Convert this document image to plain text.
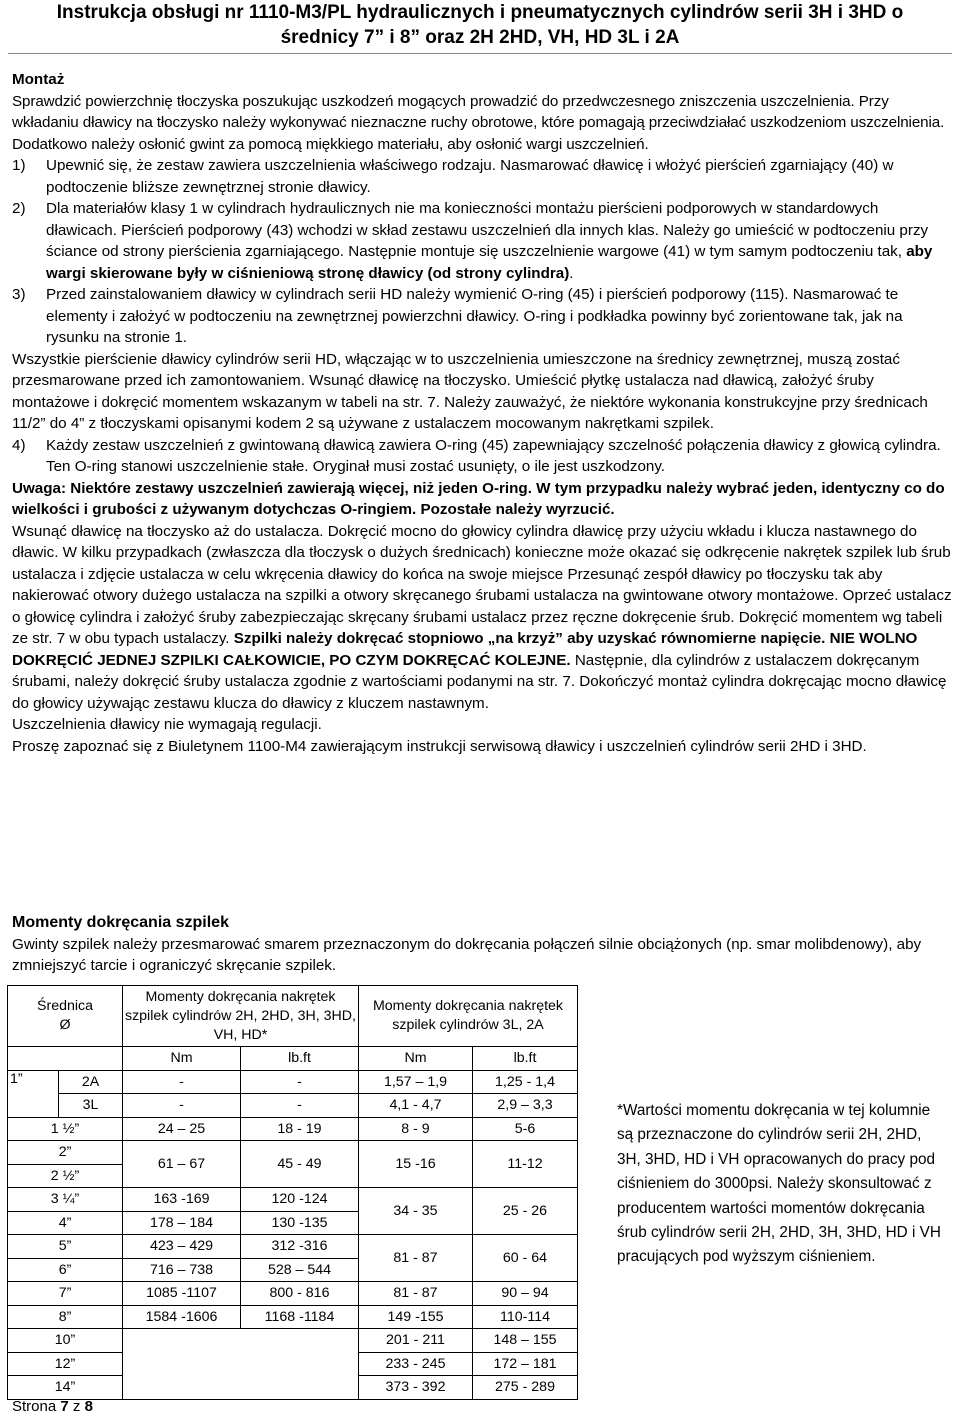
Instrukcja obsługi nr 1110-M3/PL hydraulicznych i pneumatycznych cylindrów serii 3H i 3HD o
średnicy 7” i 8” oraz 2H 2HD, VH, HD 3L i 2A

Montaż

Sprawdzić powierzchnię tłoczyska poszukując uszkodzeń mogących prowadzić do przedwczesnego zniszczenia uszczelnienia. Przy wkładaniu dławicy na tłoczysko należy wykonywać nieznaczne ruchy obrotowe, które pomagają przeciwdziałać uszkodzeniom uszczelnienia. Dodatkowo należy osłonić gwint za pomocą miękkiego materiału, aby osłonić wargi uszczelnień.

1) Upewnić się, że zestaw zawiera uszczelnienia właściwego rodzaju. Nasmarować dławicę i włożyć pierścień zgarniający (40) w podtoczenie bliższe zewnętrznej stronie dławicy.

2) Dla materiałów klasy 1 w cylindrach hydraulicznych nie ma konieczności montażu pierścieni podporowych w standardowych dławicach. Pierścień podporowy (43) wchodzi w skład zestawu uszczelnień dla innych klas. Należy go umieścić w podtoczeniu przy ściance od strony pierścienia zgarniającego. Następnie montuje się uszczelnienie wargowe (41) w tym samym podtoczeniu tak, aby wargi skierowane były w ciśnieniową stronę dławicy (od strony cylindra).

3) Przed zainstalowaniem dławicy w cylindrach serii HD należy wymienić O-ring (45) i pierścień podporowy (115). Nasmarować te elementy i założyć w podtoczeniu na zewnętrznej powierzchni dławicy. O-ring i podkładka powinny być zorientowane tak, jak na rysunku na stronie 1.

Wszystkie pierścienie dławicy cylindrów serii HD, włączając w to uszczelnienia umieszczone na średnicy zewnętrznej, muszą zostać przesmarowane przed ich zamontowaniem. Wsunąć dławicę na tłoczysko. Umieścić płytkę ustalacza nad dławicą, założyć śruby montażowe i dokręcić momentem wskazanym w tabeli na str. 7. Należy zauważyć, że niektóre wykonania konstrukcyjne przy średnicach 11/2” do 4” z tłoczyskami opisanymi kodem 2 są używane z ustalaczem mocowanym nakrętkami szpilek.

4) Każdy zestaw uszczelnień z gwintowaną dławicą zawiera O-ring (45) zapewniający szczelność połączenia dławicy z głowicą cylindra. Ten O-ring stanowi uszczelnienie stałe. Oryginał musi zostać usunięty, o ile jest uszkodzony.

Uwaga: Niektóre zestawy uszczelnień zawierają więcej, niż jeden O-ring. W tym przypadku należy wybrać jeden, identyczny co do wielkości i grubości z używanym dotychczas O-ringiem. Pozostałe należy wyrzucić.

Wsunąć dławicę na tłoczysko aż do ustalacza. Dokręcić mocno do głowicy cylindra dławicę przy użyciu wkładu i klucza nastawnego do dławic. W kilku przypadkach (zwłaszcza dla tłoczysk o dużych średnicach) konieczne może okazać się odkręcenie nakrętek szpilek lub śrub ustalacza i zdjęcie ustalacza w celu wkręcenia dławicy do końca na swoje miejsce Przesunąć zespół dławicy po tłoczysku tak aby nakierować otwory dużego ustalacza na szpilki a otwory skręcanego śrubami ustalacza na gwintowane otwory montażowe. Oprzeć ustalacz o głowicę cylindra i założyć śruby zabezpieczając skręcany śrubami ustalacz przez ręczne dokręcenie śrub. Dokręcić momentem wg tabeli ze str. 7 w obu typach ustalaczy. Szpilki należy dokręcać stopniowo „na krzyż” aby uzyskać równomierne napięcie. NIE WOLNO DOKRĘCIĆ JEDNEJ SZPILKI CAŁKOWICIE, PO CZYM DOKRĘCAĆ KOLEJNE. Następnie, dla cylindrów z ustalaczem dokręcanym śrubami, należy dokręcić śruby ustalacza zgodnie z wartościami podanymi na str. 7. Dokończyć montaż cylindra dokręcając mocno dławicę do głowicy używając zestawu klucza do dławicy z kluczem nastawnym.

Uszczelnienia dławicy nie wymagają regulacji.

Proszę zapoznać się z Biuletynem 1100-M4 zawierającym instrukcji serwisową dławicy i uszczelnień cylindrów serii 2HD i 3HD.

Momenty dokręcania szpilek

Gwinty szpilek należy przesmarować smarem przeznaczonym do dokręcania połączeń silnie obciążonych (np. smar molibdenowy), aby zmniejszyć tarcie i ograniczyć skręcanie szpilek.

Średnica
Ø		Momenty dokręcania nakrętek szpilek cylindrów 2H, 2HD, 3H, 3HD, VH, HD*		Momenty dokręcania nakrętek szpilek cylindrów 3L, 2A	

		Nm	lb.ft	Nm	lb.ft
1”	2A	-	-	1,57 – 1,9	1,25 - 1,4
	3L	-	-	4,1 - 4,7	2,9 – 3,3
1 ½”		24 – 25	18 - 19	8 - 9	5-6
2”		61 – 67	45 - 49	15 -16	11-12
2 ½”					
3 ¼”		163 -169	120 -124	34 - 35	25 - 26
4”		178 – 184	130 -135		
5”		423 – 429	312 -316	81 - 87	60 - 64
6”		716 – 738	528 – 544		
7”		1085 -1107	800 - 816	81 - 87	90 – 94
8”		1584 -1606	1168 -1184	149 -155	110-114
10”				201 - 211	148 – 155
12”				233 - 245	172 – 181
14”				373 - 392	275 - 289
*Wartości momentu dokręcania w tej kolumnie są przeznaczone do cylindrów serii 2H, 2HD, 3H, 3HD, HD i VH opracowanych do pracy pod ciśnieniem do 3000psi. Należy skonsultować z producentem wartości momentów dokręcania śrub cylindrów serii 2H, 2HD, 3H, 3HD, HD i VH pracujących pod wyższym ciśnieniem.
Strona 7 z 8
